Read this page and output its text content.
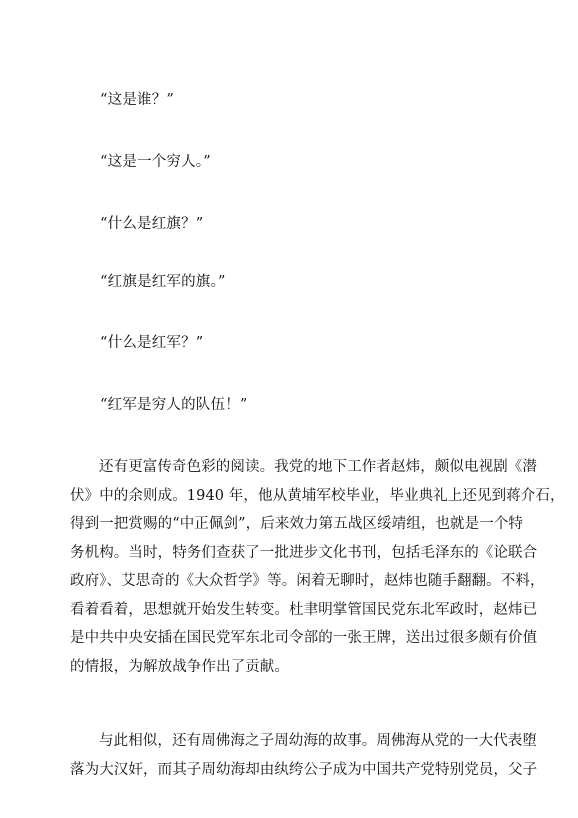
“这是谁？”
“这是一个穷人。”
“什么是红旗？”
“红旗是红军的旗。”
“什么是红军？”
“红军是穷人的队伍！”
还有更富传奇色彩的阅读。我党的地下工作者赵炜，颇似电视剧《潜
伏》中的余则成。1940 年，他从黄埔军校毕业，毕业典礼上还见到蒋介石，
得到一把赏赐的“中正佩剑”，后来效力第五战区绥靖组，也就是一个特
务机构。当时，特务们查获了一批进步文化书刊，包括毛泽东的《论联合
政府》、艾思奇的《大众哲学》等。闲着无聊时，赵炜也随手翻翻。不料，
看着看着，思想就开始发生转变。杜聿明掌管国民党东北军政时，赵炜已
是中共中央安插在国民党军东北司令部的一张王牌，送出过很多颇有价值
的情报，为解放战争作出了贡献。
与此相似，还有周佛海之子周幼海的故事。周佛海从党的一大代表堕
落为大汉奸，而其子周幼海却由纨绔公子成为中国共产党特别党员，父子
